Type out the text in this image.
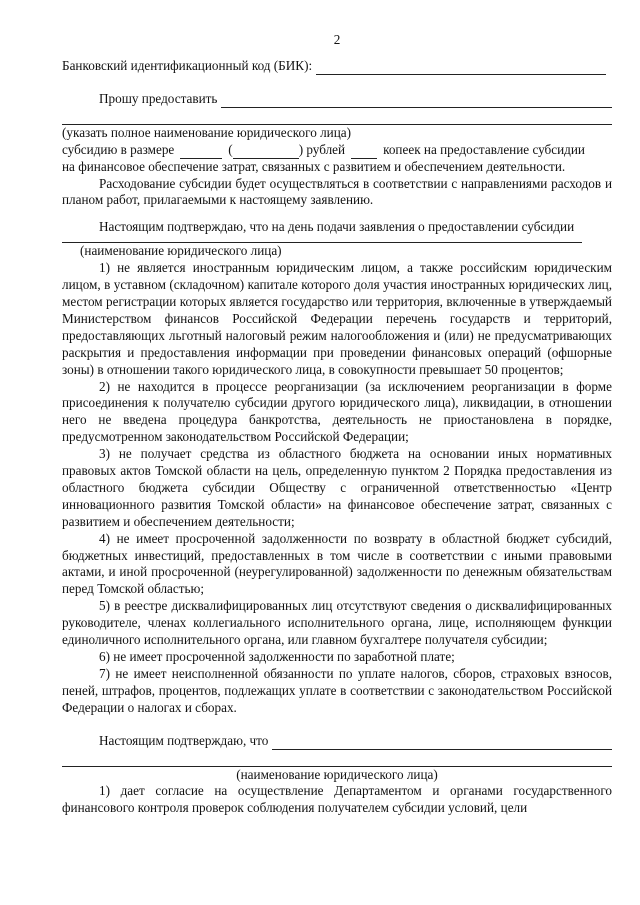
2
Банковский идентификационный код (БИК):
Прошу предоставить

(указать полное наименование юридического лица)

субсидию в размере	(	) рублей	копеек на предоставление субсидии

на финансовое обеспечение затрат, связанных с развитием и обеспечением деятельности.

Расходование субсидии будет осуществляться в соответствии с направлениями расходов и планом работ, прилагаемыми к настоящему заявлению.

Настоящим подтверждаю, что на день подачи заявления о предоставлении субсидии

(наименование юридического лица)

1) не является иностранным юридическим лицом, а также российским юридическим лицом, в уставном (складочном) капитале которого доля участия иностранных юридических лиц, местом регистрации которых является государство или территория, включенные в утверждаемый Министерством финансов Российской Федерации перечень государств и территорий, предоставляющих льготный налоговый режим налогообложения и (или) не предусматривающих раскрытия и предоставления информации при проведении финансовых операций (офшорные зоны) в отношении такого юридического лица, в совокупности превышает 50 процентов;

2) не находится в процессе реорганизации (за исключением реорганизации в форме присоединения к получателю субсидии другого юридического лица), ликвидации, в отношении него не введена процедура банкротства, деятельность не приостановлена в порядке, предусмотренном законодательством Российской Федерации;

3) не получает средства из областного бюджета на основании иных нормативных правовых актов Томской области на цель, определенную пунктом 2 Порядка предоставления из областного бюджета субсидии Обществу с ограниченной ответственностью «Центр инновационного развития Томской области» на финансовое обеспечение затрат, связанных с развитием и обеспечением деятельности;

4) не имеет просроченной задолженности по возврату в областной бюджет субсидий, бюджетных инвестиций, предоставленных в том числе в соответствии с иными правовыми актами, и иной просроченной (неурегулированной) задолженности по денежным обязательствам перед Томской областью;

5) в реестре дисквалифицированных лиц отсутствуют сведения о дисквалифицированных руководителе, членах коллегиального исполнительного органа, лице, исполняющем функции единоличного исполнительного органа, или главном бухгалтере получателя субсидии;

6) не имеет просроченной задолженности по заработной плате;

7) не имеет неисполненной обязанности по уплате налогов, сборов, страховых взносов, пеней, штрафов, процентов, подлежащих уплате в соответствии с законодательством Российской Федерации о налогах и сборах.

Настоящим подтверждаю, что

(наименование юридического лица)

1) дает согласие на осуществление Департаментом и органами государственного финансового контроля проверок соблюдения получателем субсидии условий, цели
